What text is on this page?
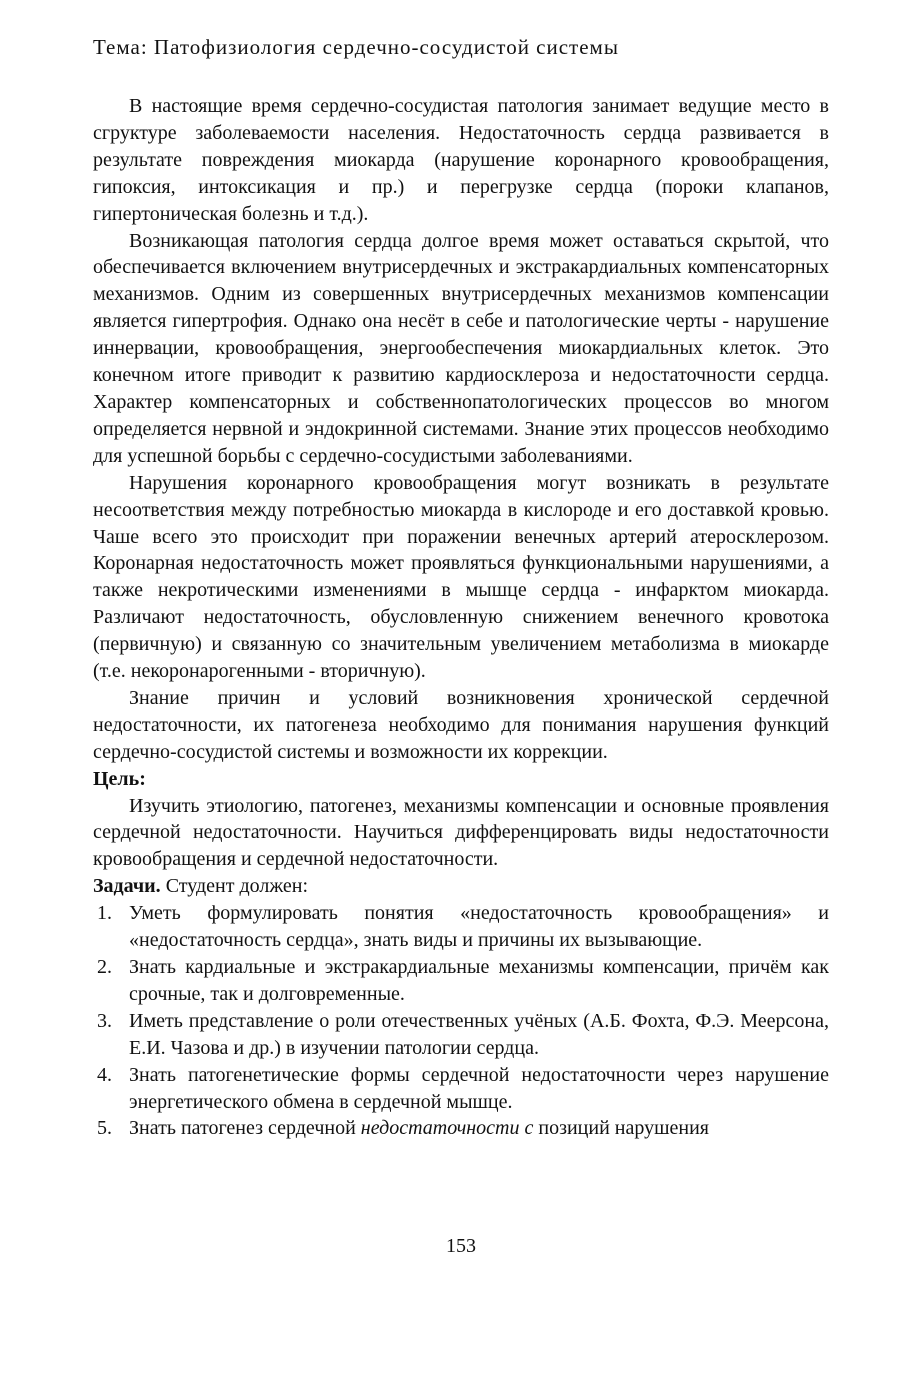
Тема: Патофизиология сердечно-сосудистой системы

В настоящие время сердечно-сосудистая патология занимает ведущие место в сгруктуре заболеваемости населения. Недостаточность сердца развивается в результате повреждения миокарда (нарушение коронарного кровообращения, гипоксия, интоксикация и пр.) и перегрузке сердца (пороки клапанов, гипертоническая болезнь и т.д.).

Возникающая патология сердца долгое время может оставаться скрытой, что обеспечивается включением внутрисердечных и экстракардиальных компенсаторных механизмов. Одним из совершенных внутрисердечных механизмов компенсации является гипертрофия. Однако она несёт в себе и патологические черты - нарушение иннервации, кровообращения, энергообеспечения миокардиальных клеток. Это конечном итоге приводит к развитию кардиосклероза и недостаточности сердца. Характер компенсаторных и собственнопатологических процессов во многом определяется нервной и эндокринной системами. Знание этих процессов необходимо для успешной борьбы с сердечно-сосудистыми заболеваниями.

Нарушения коронарного кровообращения могут возникать в результате несоответствия между потребностью миокарда в кислороде и его доставкой кровью. Чаше всего это происходит при поражении венечных артерий атеросклерозом. Коронарная недостаточность может проявляться функциональными нарушениями, а также некротическими изменениями в мышце сердца - инфарктом миокарда. Различают недостаточность, обусловленную снижением венечного кровотока (первичную) и связанную со значительным увеличением метаболизма в миокарде (т.е. некоронарогенными - вторичную).

Знание причин и условий возникновения хронической сердечной недостаточности, их патогенеза необходимо для понимания нарушения функций сердечно-сосудистой системы и возможности их коррекции.

Цель:

Изучить этиологию, патогенез, механизмы компенсации и основные проявления сердечной недостаточности. Научиться дифференцировать виды недостаточности кровообращения и сердечной недостаточности.

Задачи. Студент должен:
1. Уметь формулировать понятия «недостаточность кровообращения» и «недостаточность сердца», знать виды и причины их вызывающие.
2. Знать кардиальные и экстракардиальные механизмы компенсации, причём как срочные, так и долговременные.
3. Иметь представление о роли отечественных учёных (А.Б. Фохта, Ф.Э. Меерсона, Е.И. Чазова и др.) в изучении патологии сердца.
4. Знать патогенетические формы сердечной недостаточности через нарушение энергетического обмена в сердечной мышце.
5. Знать патогенез сердечной недостаточности с позиций нарушения
153
